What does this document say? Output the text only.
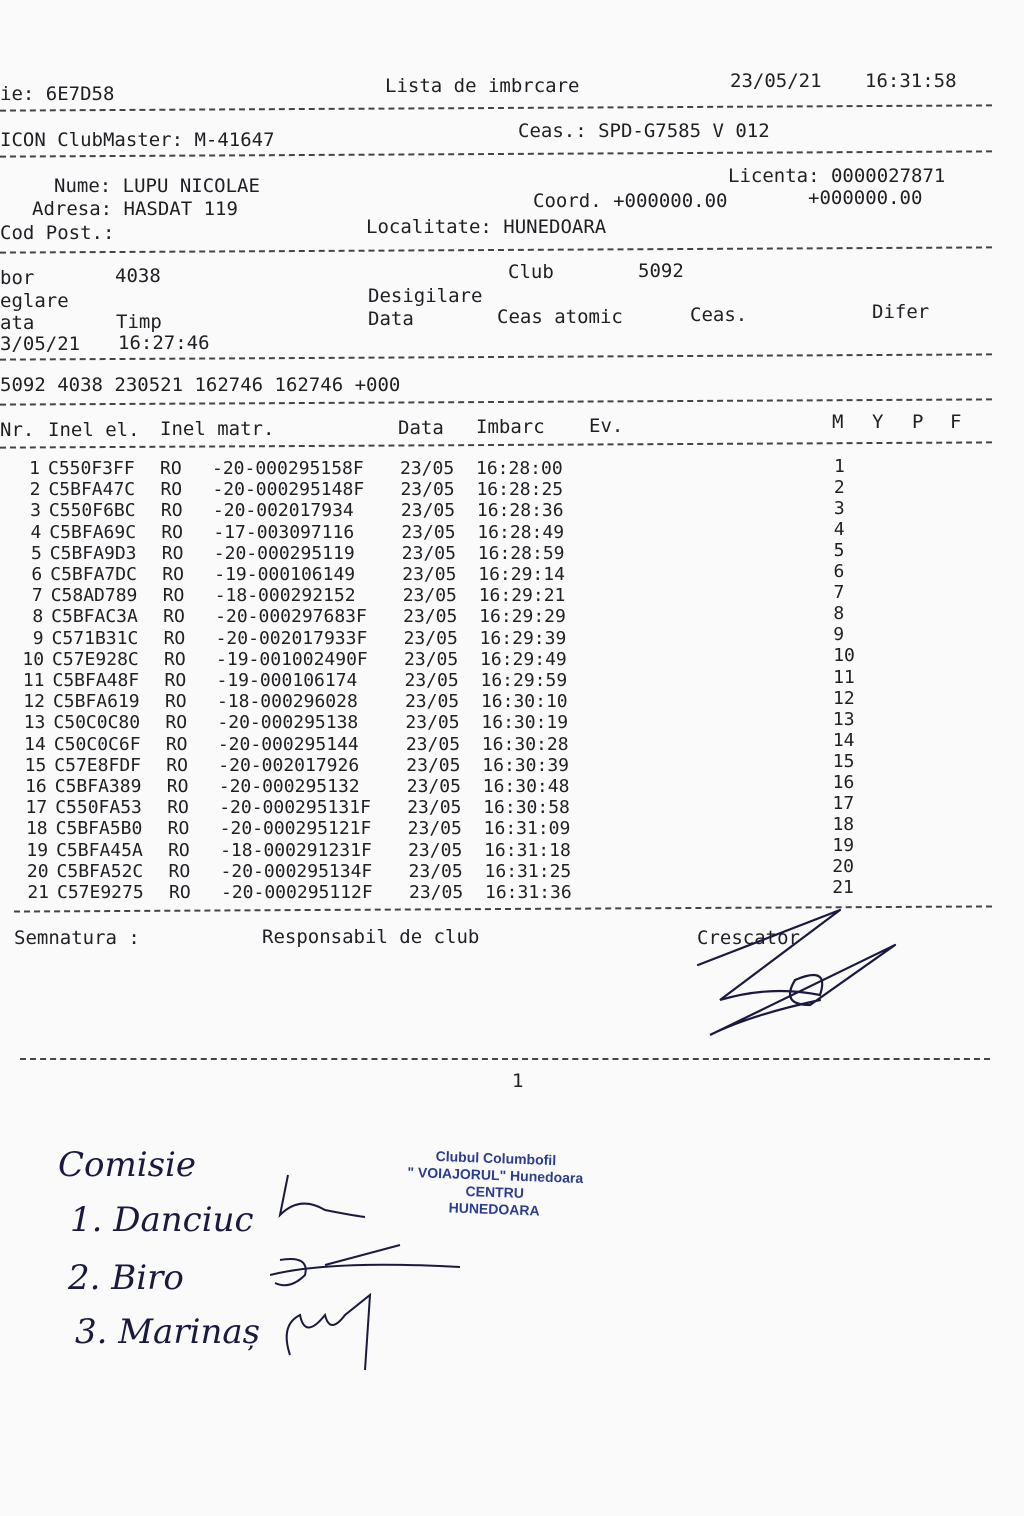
ie: 6E7D58	Lista de imbrcare	23/05/21 16:31:58
ICON ClubMaster: M-41647	Ceas.: SPD-G7585 V 012
Nume: LUPU NICOLAE	Licenta: 0000027871
Adresa: HASDAT 119	Coord. +000000.00	+000000.00
Cod Post.:	Localitate: HUNEDOARA
bor	4038	Club	5092
eglare	Desigilare
ata	Timp	Data	Ceas atomic	Ceas.	Difer
3/05/21 16:27:46
5092 4038 230521 162746 162746 +000
Nr. Inel el. Inel matr.	Data Imbarc Ev.	M Y P F
1 C550F3FF RO -20-000295158F 23/05 16:28:00	1
2 C5BFA47C RO -20-000295148F 23/05 16:28:25	2
3 C550F6BC RO -20-002017934	23/05 16:28:36	3
4 C5BFA69C RO -17-003097116	23/05 16:28:49	4
5 C5BFA9D3 RO -20-000295119	23/05 16:28:59	5
6 C5BFA7DC RO -19-000106149	23/05 16:29:14	6
7 C58AD789 RO -18-000292152	23/05 16:29:21	7
8 C5BFAC3A RO -20-000297683F 23/05 16:29:29	8
9 C571B31C RO -20-002017933F 23/05 16:29:39	9
10 C57E928C RO -19-001002490F 23/05 16:29:49	10
11 C5BFA48F RO -19-000106174	23/05 16:29:59	11
12 C5BFA619 RO -18-000296028	23/05 16:30:10	12
13 C50C0C80 RO -20-000295138	23/05 16:30:19	13
14 C50C0C6F RO -20-000295144	23/05 16:30:28	14
15 C57E8FDF RO -20-002017926	23/05 16:30:39	15
16 C5BFA389 RO -20-000295132	23/05 16:30:48	16
17 C550FA53 RO -20-000295131F 23/05 16:30:58	17
18 C5BFA5B0 RO -20-000295121F 23/05 16:31:09	18
19 C5BFA45A RO -18-000291231F 23/05 16:31:18	19
20 C5BFA52C RO -20-000295134F 23/05 16:31:25	20
21 C57E9275 RO -20-000295112F 23/05 16:31:36	21
Semnatura :	Responsabil de club	Crescator
1
Comisie
1. Danciuc
2. Biro
3. Marinaș
Clubul Columbofil
" VOIAJORUL" Hunedoara
CENTRU
HUNEDOARA
